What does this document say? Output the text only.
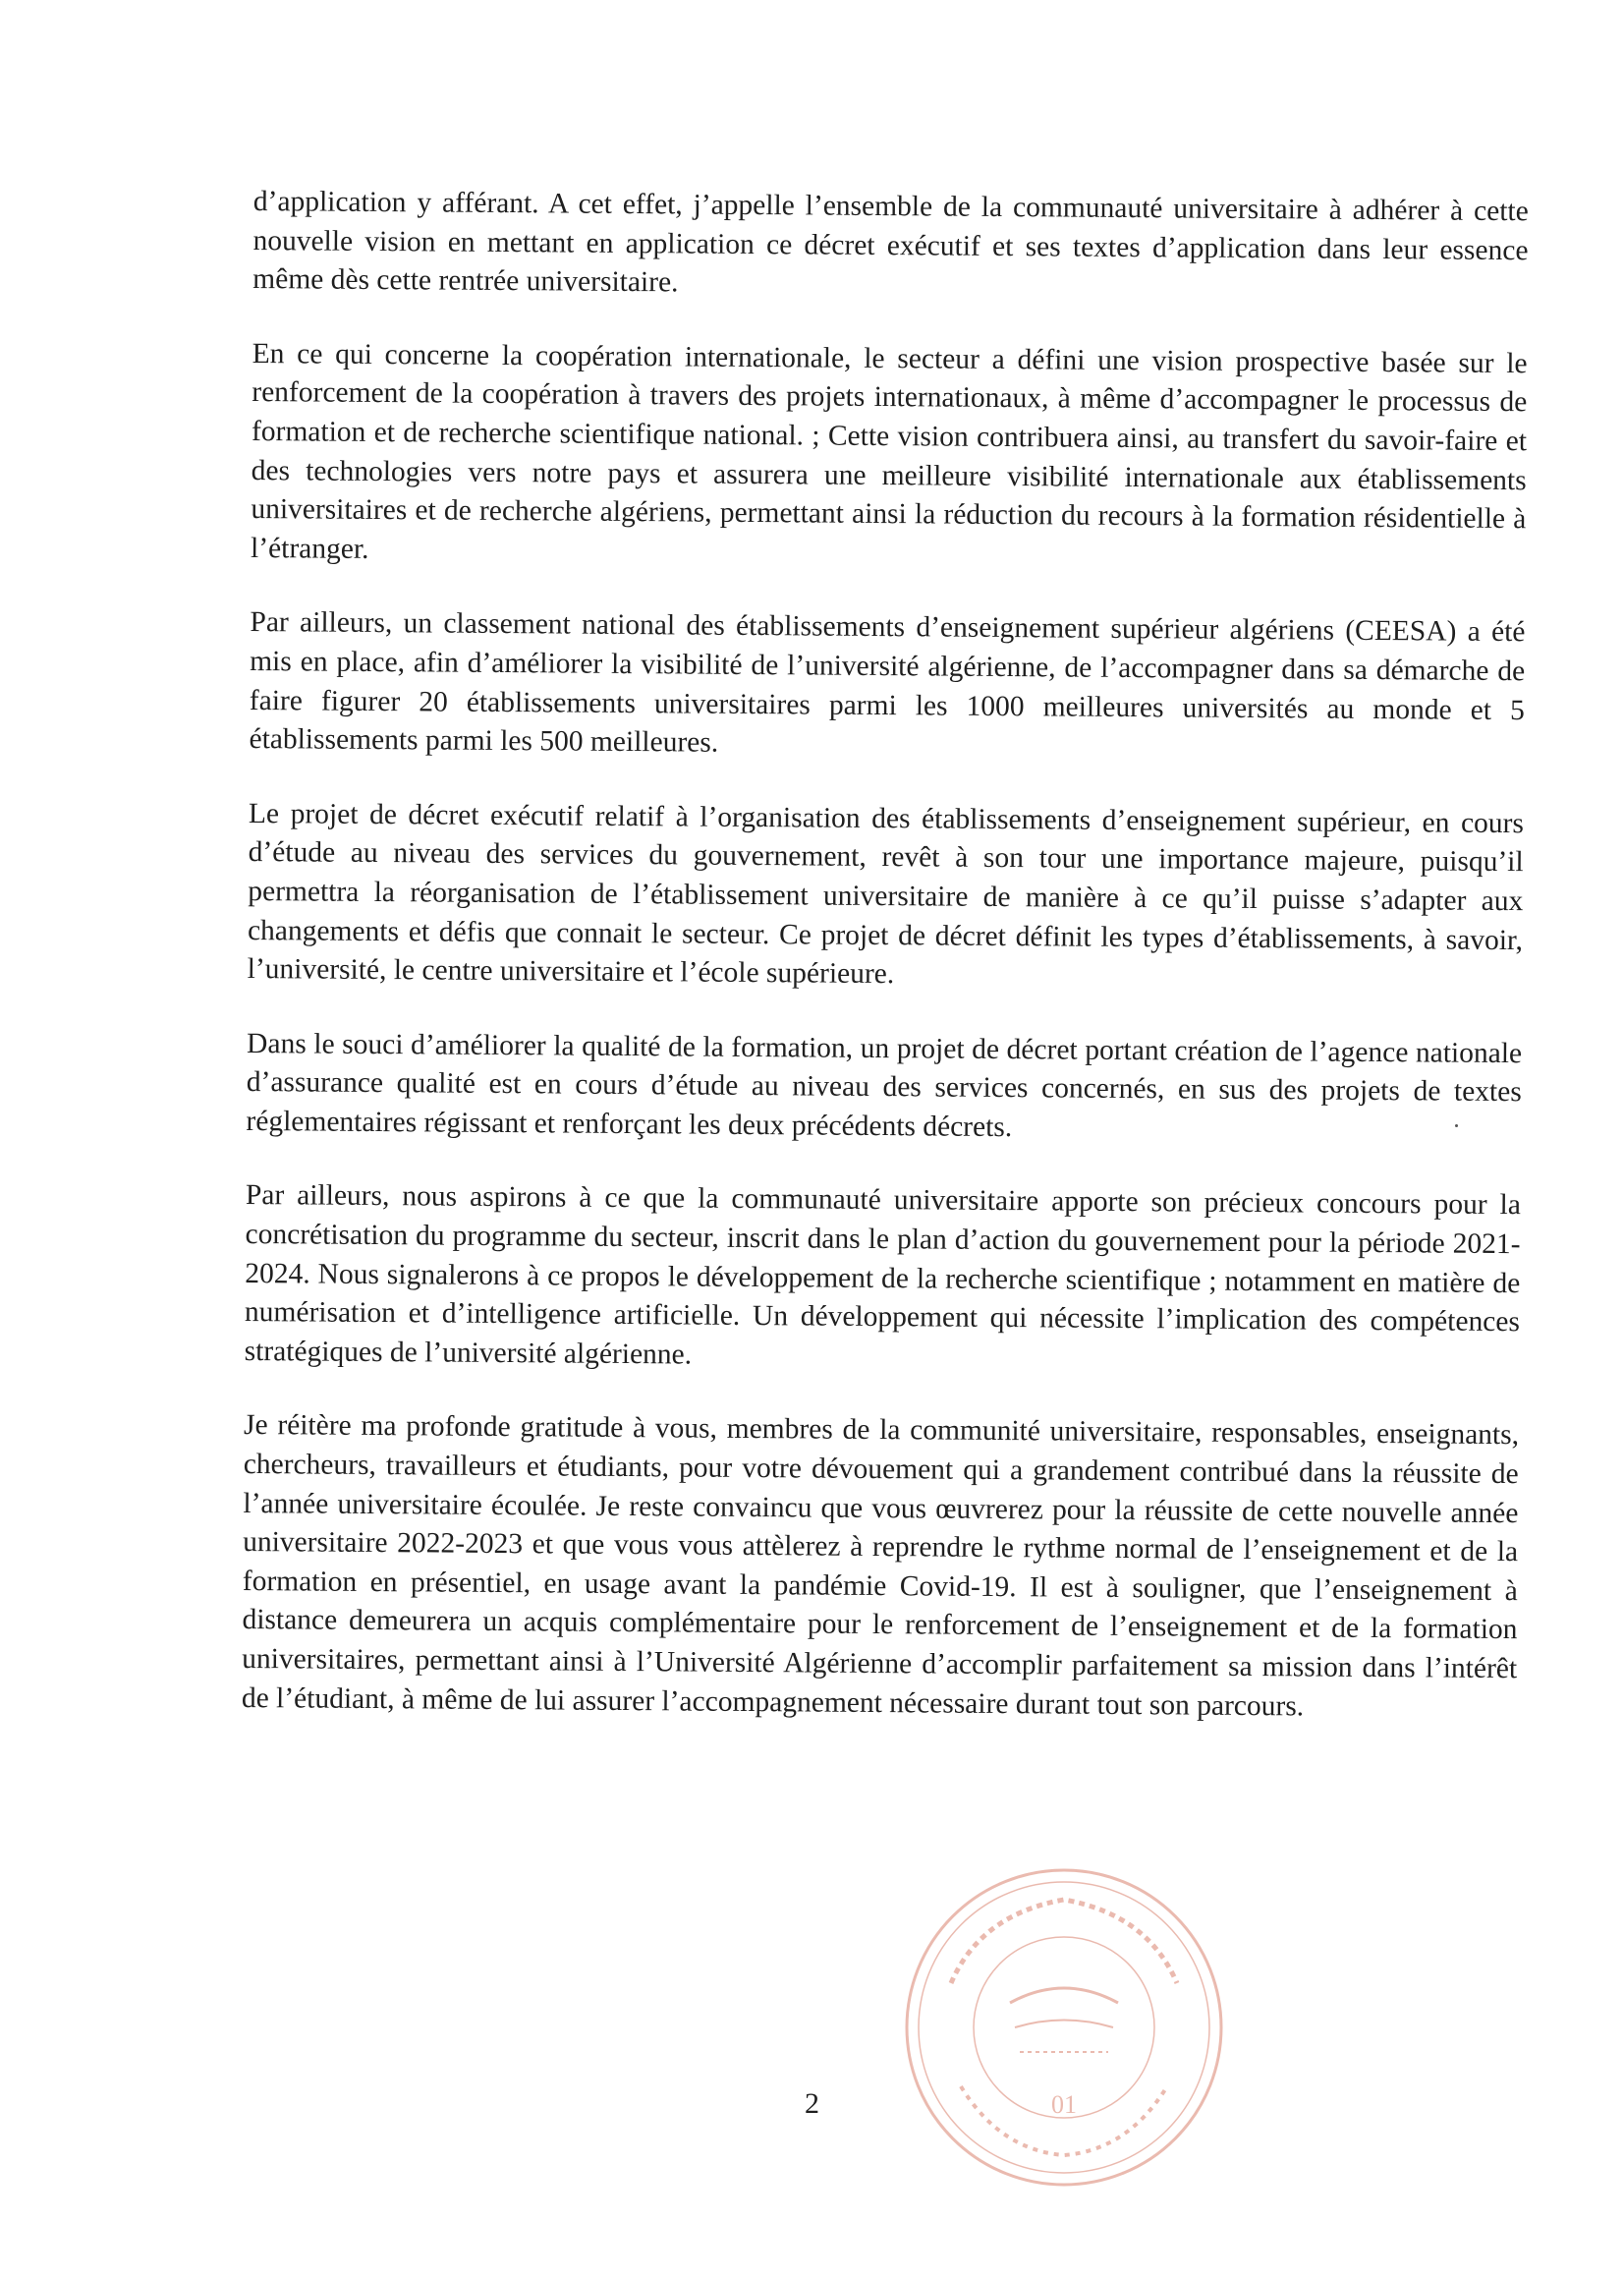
d’application y afférant. A cet effet, j’appelle l’ensemble de la communauté universitaire à adhérer à cette nouvelle vision en mettant en application ce décret exécutif et ses textes d’application dans leur essence même dès cette rentrée universitaire.

En ce qui concerne la coopération internationale, le secteur a défini une vision prospective basée sur le renforcement de la coopération à travers des projets internationaux, à même d’accompagner le processus de formation et de recherche scientifique national. ; Cette vision contribuera ainsi, au transfert du savoir-faire et des technologies vers notre pays et assurera une meilleure visibilité internationale aux établissements universitaires et de recherche algériens, permettant ainsi la réduction du recours à la formation résidentielle à l’étranger.

Par ailleurs, un classement national des établissements d’enseignement supérieur algériens (CEESA) a été mis en place, afin d’améliorer la visibilité de l’université algérienne, de l’accompagner dans sa démarche de faire figurer 20 établissements universitaires parmi les 1000 meilleures universités au monde et 5 établissements parmi les 500 meilleures.

Le projet de décret exécutif relatif à l’organisation des établissements d’enseignement supérieur, en cours d’étude au niveau des services du gouvernement, revêt à son tour une importance majeure, puisqu’il permettra la réorganisation de l’établissement universitaire de manière à ce qu’il puisse s’adapter aux changements et défis que connait le secteur. Ce projet de décret définit les types d’établissements, à savoir, l’université, le centre universitaire et l’école supérieure.

Dans le souci d’améliorer la qualité de la formation, un projet de décret portant création de l’agence nationale d’assurance qualité est en cours d’étude au niveau des services concernés, en sus des projets de textes réglementaires régissant et renforçant les deux précédents décrets.

Par ailleurs, nous aspirons à ce que la communauté universitaire apporte son précieux concours pour la concrétisation du programme du secteur, inscrit dans le plan d’action du gouvernement pour la période 2021-2024. Nous signalerons à ce propos le développement de la recherche scientifique ; notamment en matière de numérisation et d’intelligence artificielle. Un développement qui nécessite l’implication des compétences stratégiques de l’université algérienne.

Je réitère ma profonde gratitude à vous, membres de la communité universitaire, responsables, enseignants, chercheurs, travailleurs et étudiants, pour votre dévouement qui a grandement contribué dans la réussite de l’année universitaire écoulée. Je reste convaincu que vous œuvrerez pour la réussite de cette nouvelle année universitaire 2022-2023 et que vous vous attèlerez à reprendre le rythme normal de l’enseignement et de la formation en présentiel, en usage avant la pandémie Covid-19. Il est à souligner, que l’enseignement à distance demeurera un acquis complémentaire pour le renforcement de l’enseignement et de la formation universitaires, permettant ainsi à l’Université Algérienne d’accomplir parfaitement sa mission dans l’intérêt de l’étudiant, à même de lui assurer l’accompagnement nécessaire durant tout son parcours.

01
2
